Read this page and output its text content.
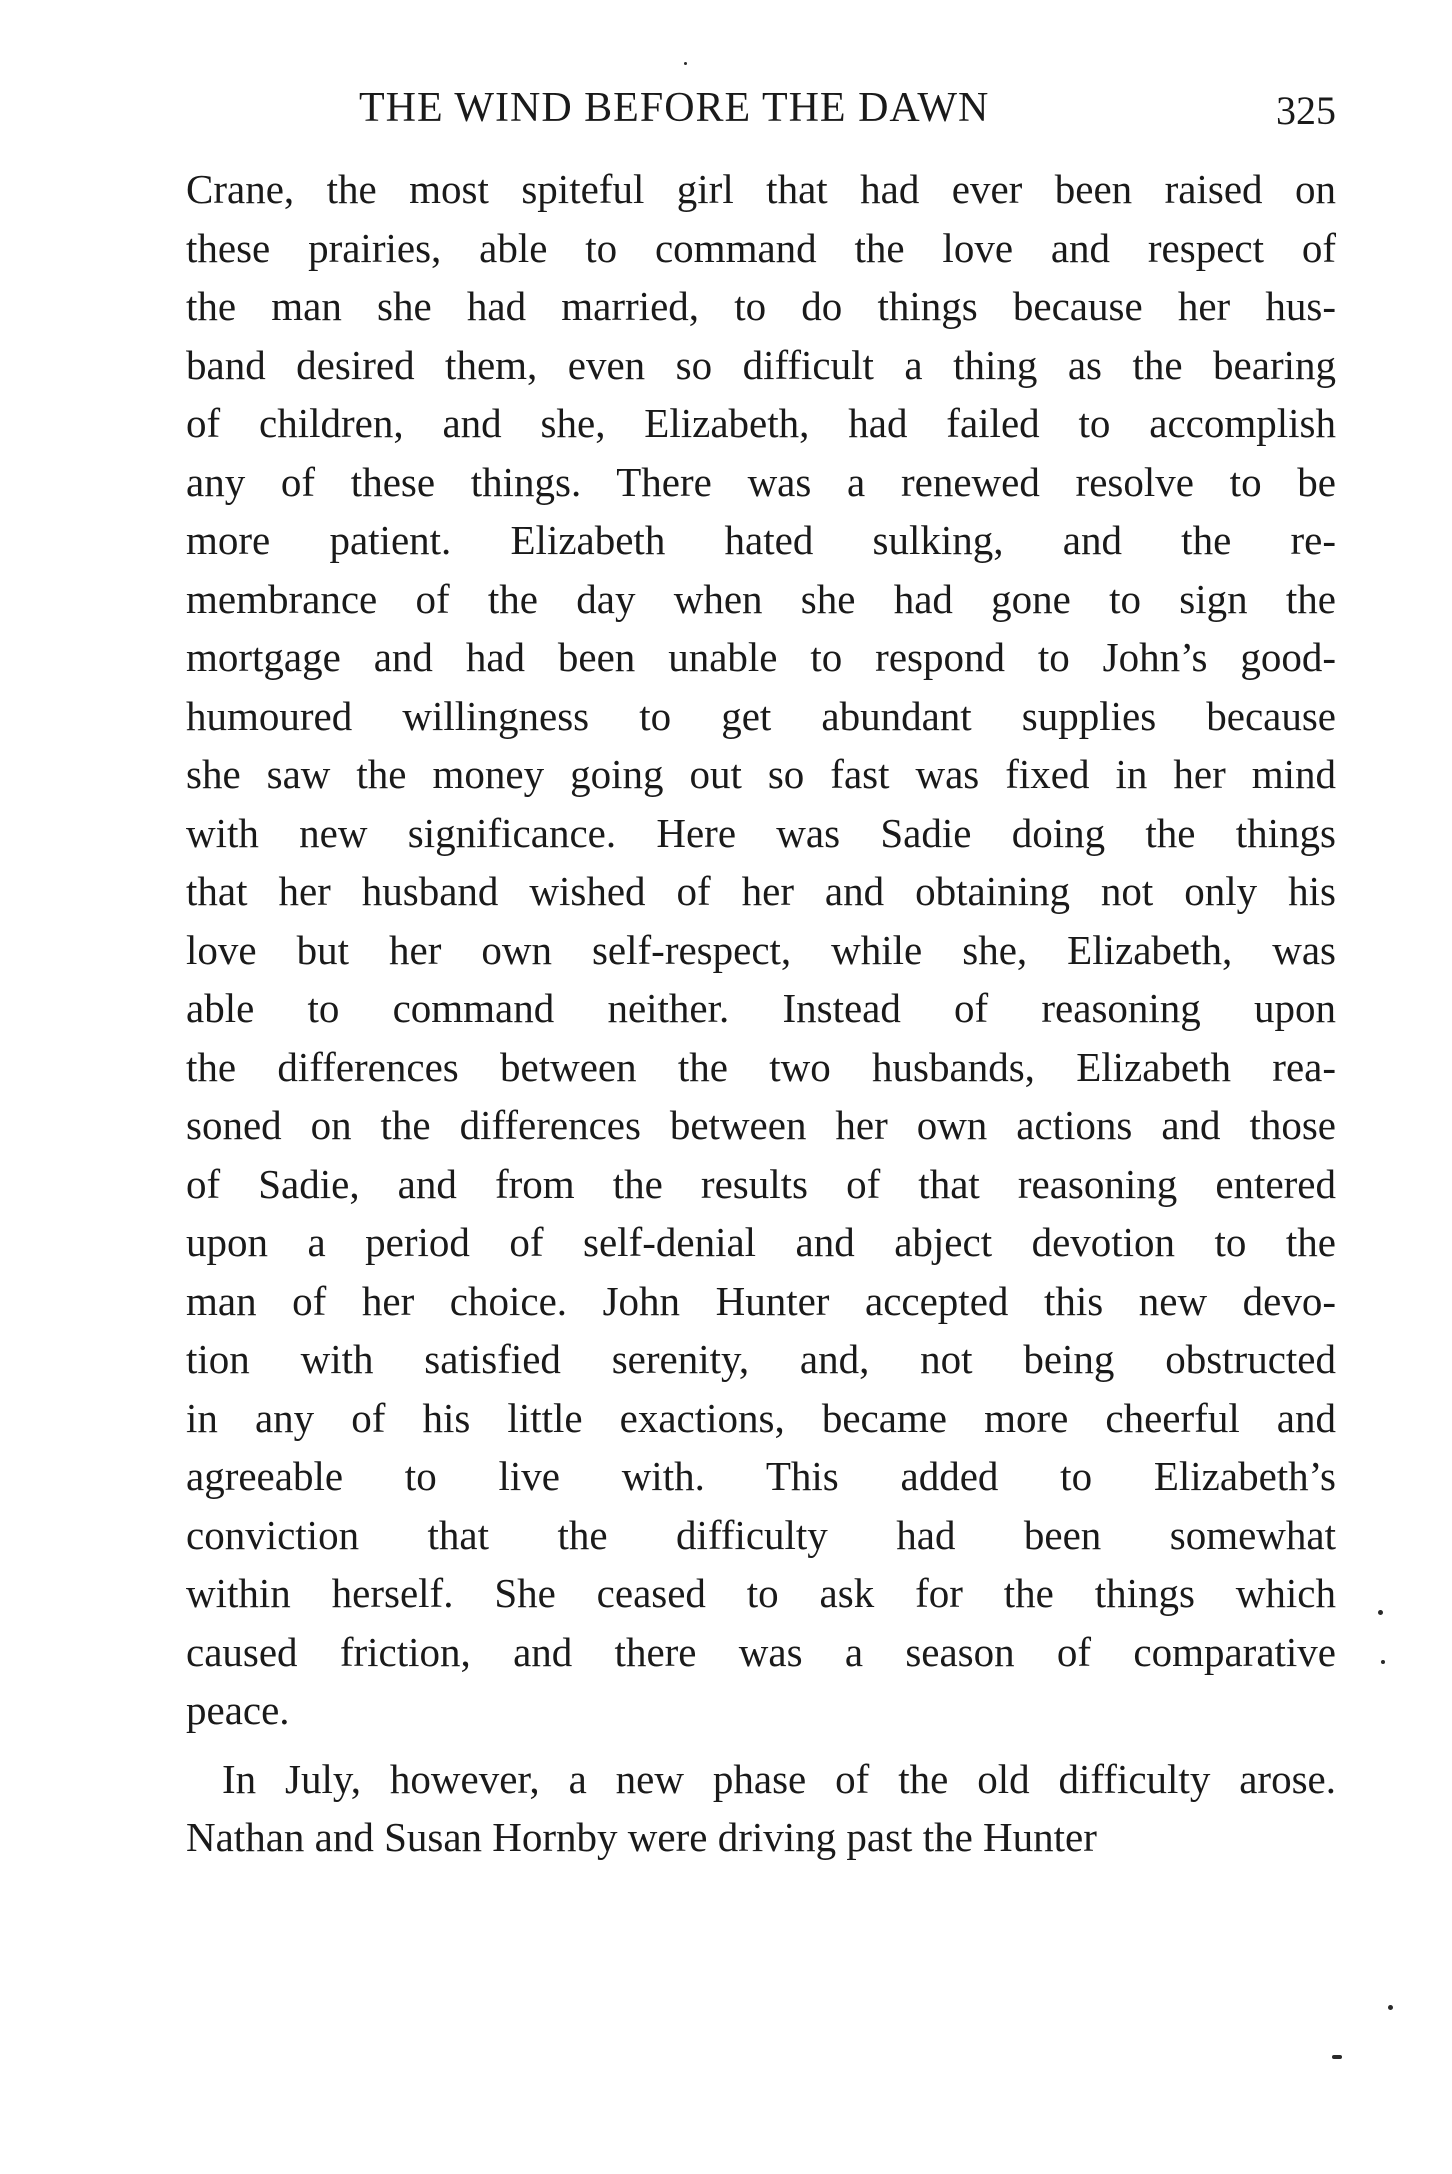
THE WIND BEFORE THE DAWN	325
Crane, the most spiteful girl that had ever been raised on
these prairies, able to command the love and respect of
the man she had married, to do things because her hus-
band desired them, even so difficult a thing as the bearing
of children, and she, Elizabeth, had failed to accomplish
any of these things. There was a renewed resolve to be
more patient. Elizabeth hated sulking, and the re-
membrance of the day when she had gone to sign the
mortgage and had been unable to respond to John’s good-
humoured willingness to get abundant supplies because
she saw the money going out so fast was fixed in her mind
with new significance. Here was Sadie doing the things
that her husband wished of her and obtaining not only his
love but her own self-respect, while she, Elizabeth, was
able to command neither. Instead of reasoning upon
the differences between the two husbands, Elizabeth rea-
soned on the differences between her own actions and those
of Sadie, and from the results of that reasoning entered
upon a period of self-denial and abject devotion to the
man of her choice. John Hunter accepted this new devo-
tion with satisfied serenity, and, not being obstructed
in any of his little exactions, became more cheerful and
agreeable to live with. This added to Elizabeth’s
conviction that the difficulty had been somewhat
within herself. She ceased to ask for the things which
caused friction, and there was a season of comparative
peace.
In July, however, a new phase of the old difficulty arose.
Nathan and Susan Hornby were driving past the Hunter
